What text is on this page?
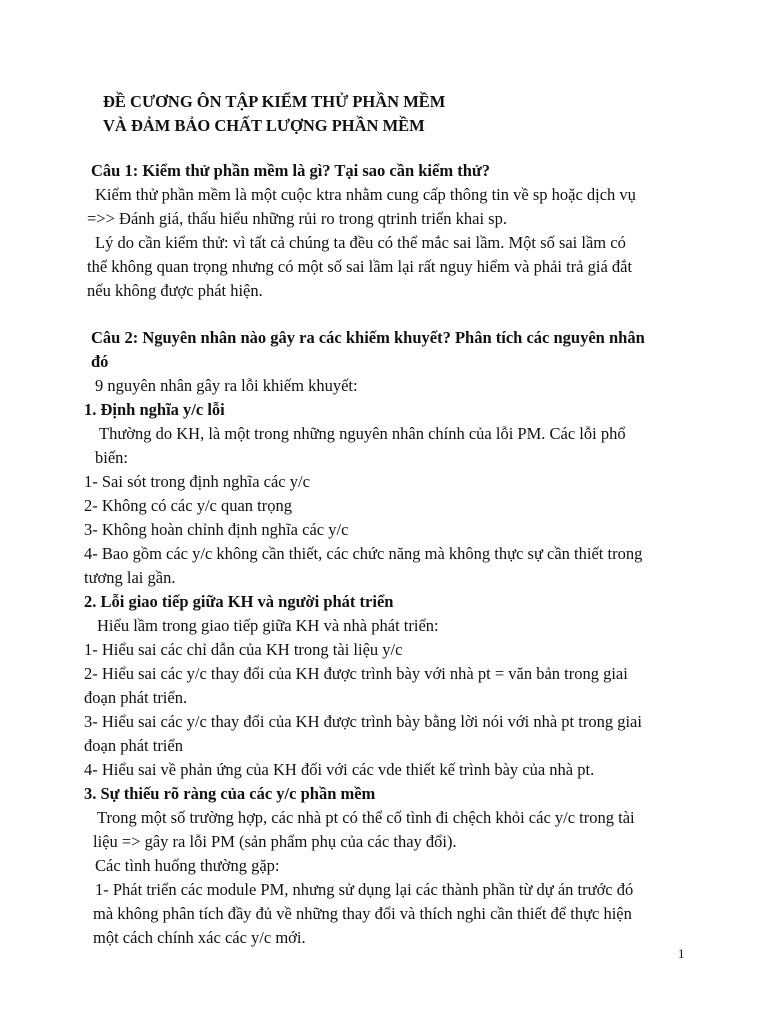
ĐỀ CƯƠNG ÔN TẬP KIỂM THỬ PHẦN MỀM
VÀ ĐẢM BẢO CHẤT LƯỢNG PHẦN MỀM
Câu 1: Kiểm thử phần mềm là gì? Tại sao cần kiểm thử?
Kiểm thử phần mềm là một cuộc ktra nhằm cung cấp thông tin về sp hoặc dịch vụ
=>> Đánh giá, thấu hiểu những rủi ro trong qtrinh triển khai sp.
Lý do cần kiểm thử: vì tất cả chúng ta đều có thể mắc sai lầm. Một số sai lầm có
thể không quan trọng nhưng có một số sai lầm lại rất nguy hiểm và phải trả giá đắt
nếu không được phát hiện.
Câu 2: Nguyên nhân nào gây ra các khiếm khuyết? Phân tích các nguyên nhân
đó
9 nguyên nhân gây ra lỗi khiếm khuyết:
1. Định nghĩa y/c lỗi
Thường do KH, là một trong những nguyên nhân chính của lỗi PM. Các lỗi phổ
biến:
1- Sai sót trong định nghĩa các y/c
2- Không có các y/c quan trọng
3- Không hoàn chỉnh định nghĩa các y/c
4- Bao gồm các y/c không cần thiết, các chức năng mà không thực sự cần thiết trong
tương lai gần.
2. Lỗi giao tiếp giữa KH và người phát triển
Hiểu lầm trong giao tiếp giữa KH và nhà phát triển:
1- Hiểu sai các chỉ dẫn của KH trong tài liệu y/c
2- Hiểu sai các y/c thay đổi của KH được trình bày với nhà pt = văn bản trong giai
đoạn phát triển.
3- Hiểu sai các y/c thay đổi của KH được trình bày bằng lời nói với nhà pt trong giai
đoạn phát triển
4- Hiểu sai về phản ứng của KH đối với các vde thiết kế trình bày của nhà pt.
3. Sự thiếu rõ ràng của các y/c phần mềm
Trong một số trường hợp, các nhà pt có thể cố tình đi chệch khỏi các y/c trong tài
liệu => gây ra lỗi PM (sản phẩm phụ của các thay đổi).
Các tình huống thường gặp:
1- Phát triển các module PM, nhưng sử dụng lại các thành phần từ dự án trước đó
mà không phân tích đầy đủ về những thay đổi và thích nghi cần thiết để thực hiện
một cách chính xác các y/c mới.
1
